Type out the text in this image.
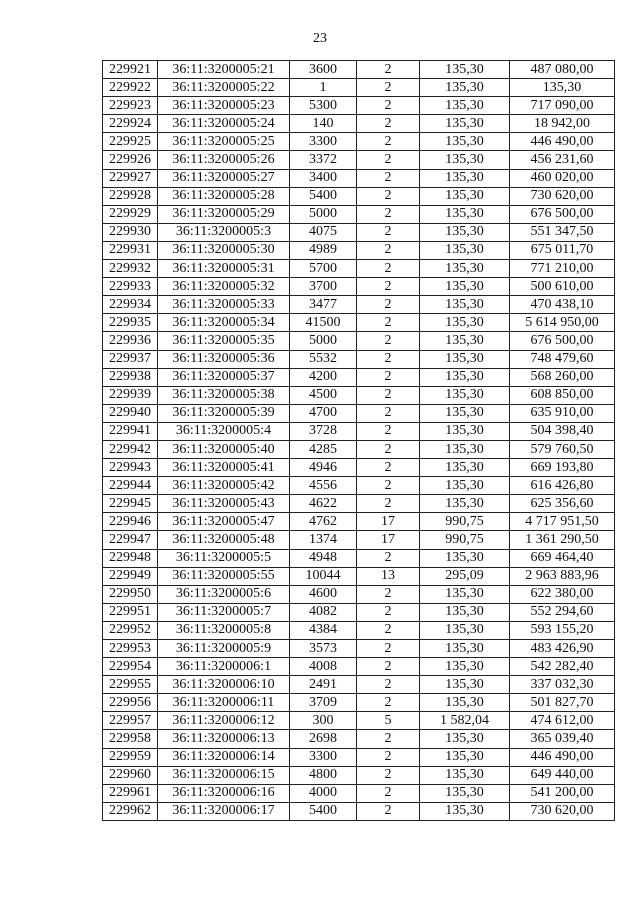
23
229921	36:11:3200005:21	3600	2	135,30	487 080,00
229922	36:11:3200005:22	1	2	135,30	135,30
229923	36:11:3200005:23	5300	2	135,30	717 090,00
229924	36:11:3200005:24	140	2	135,30	18 942,00
229925	36:11:3200005:25	3300	2	135,30	446 490,00
229926	36:11:3200005:26	3372	2	135,30	456 231,60
229927	36:11:3200005:27	3400	2	135,30	460 020,00
229928	36:11:3200005:28	5400	2	135,30	730 620,00
229929	36:11:3200005:29	5000	2	135,30	676 500,00
229930	36:11:3200005:3	4075	2	135,30	551 347,50
229931	36:11:3200005:30	4989	2	135,30	675 011,70
229932	36:11:3200005:31	5700	2	135,30	771 210,00
229933	36:11:3200005:32	3700	2	135,30	500 610,00
229934	36:11:3200005:33	3477	2	135,30	470 438,10
229935	36:11:3200005:34	41500	2	135,30	5 614 950,00
229936	36:11:3200005:35	5000	2	135,30	676 500,00
229937	36:11:3200005:36	5532	2	135,30	748 479,60
229938	36:11:3200005:37	4200	2	135,30	568 260,00
229939	36:11:3200005:38	4500	2	135,30	608 850,00
229940	36:11:3200005:39	4700	2	135,30	635 910,00
229941	36:11:3200005:4	3728	2	135,30	504 398,40
229942	36:11:3200005:40	4285	2	135,30	579 760,50
229943	36:11:3200005:41	4946	2	135,30	669 193,80
229944	36:11:3200005:42	4556	2	135,30	616 426,80
229945	36:11:3200005:43	4622	2	135,30	625 356,60
229946	36:11:3200005:47	4762	17	990,75	4 717 951,50
229947	36:11:3200005:48	1374	17	990,75	1 361 290,50
229948	36:11:3200005:5	4948	2	135,30	669 464,40
229949	36:11:3200005:55	10044	13	295,09	2 963 883,96
229950	36:11:3200005:6	4600	2	135,30	622 380,00
229951	36:11:3200005:7	4082	2	135,30	552 294,60
229952	36:11:3200005:8	4384	2	135,30	593 155,20
229953	36:11:3200005:9	3573	2	135,30	483 426,90
229954	36:11:3200006:1	4008	2	135,30	542 282,40
229955	36:11:3200006:10	2491	2	135,30	337 032,30
229956	36:11:3200006:11	3709	2	135,30	501 827,70
229957	36:11:3200006:12	300	5	1 582,04	474 612,00
229958	36:11:3200006:13	2698	2	135,30	365 039,40
229959	36:11:3200006:14	3300	2	135,30	446 490,00
229960	36:11:3200006:15	4800	2	135,30	649 440,00
229961	36:11:3200006:16	4000	2	135,30	541 200,00
229962	36:11:3200006:17	5400	2	135,30	730 620,00
